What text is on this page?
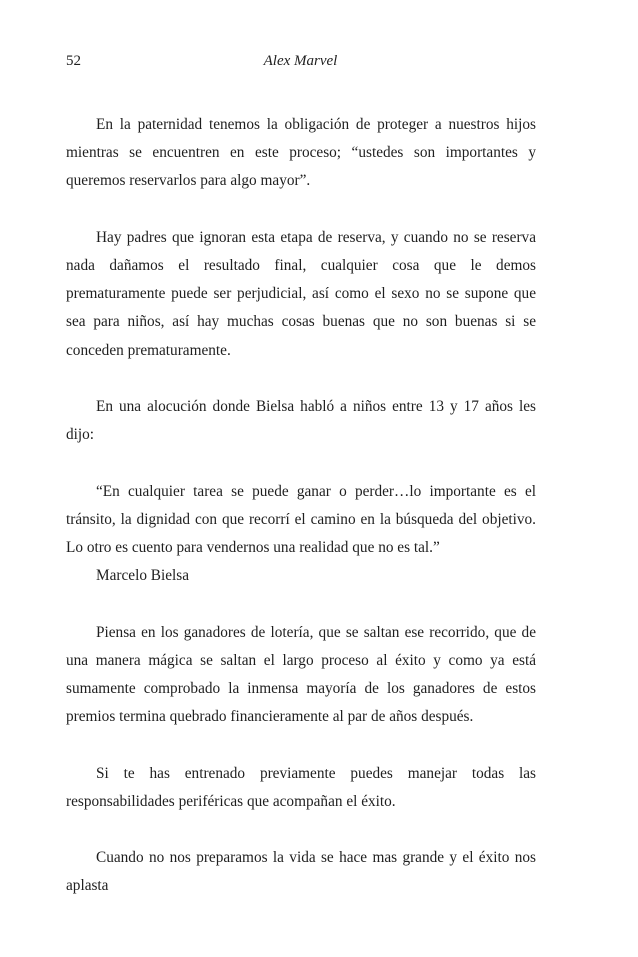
52	Alex Marvel

En la paternidad tenemos la obligación de proteger a nuestros hijos mientras se encuentren en este proceso; “ustedes son importantes y queremos reservarlos para algo mayor”.

Hay padres que ignoran esta etapa de reserva, y cuando no se reserva nada dañamos el resultado final, cualquier cosa que le demos prematuramente puede ser perjudicial, así como el sexo no se supone que sea para niños, así hay muchas cosas buenas que no son buenas si se conceden prematuramente.

En una alocución donde Bielsa habló a niños entre 13 y 17 años les dijo:

“En cualquier tarea se puede ganar o perder…lo importante es el tránsito, la dignidad con que recorrí el camino en la búsqueda del objetivo. Lo otro es cuento para vendernos una realidad que no es tal.”

Marcelo Bielsa

Piensa en los ganadores de lotería, que se saltan ese recorrido, que de una manera mágica se saltan el largo proceso al éxito y como ya está sumamente comprobado la inmensa mayoría de los ganadores de estos premios termina quebrado financieramente al par de años después.

Si te has entrenado previamente puedes manejar todas las responsabilidades periféricas que acompañan el éxito.

Cuando no nos preparamos la vida se hace mas grande y el éxito nos aplasta
